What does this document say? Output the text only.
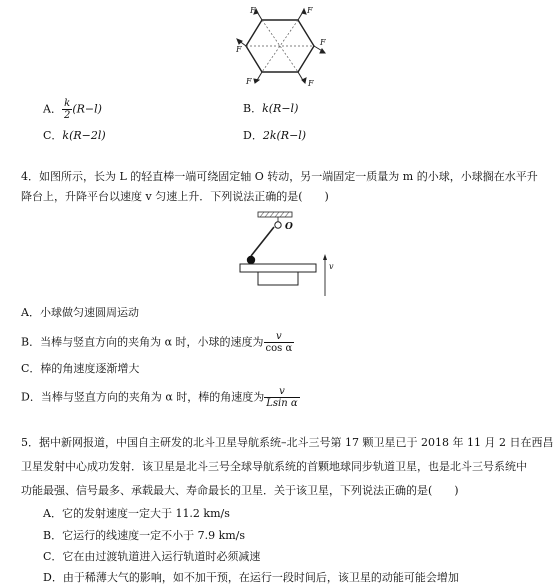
F	F
F
F
F	F
A． $\frac{k}{2} (R-l)$	B．k(R−l)
C．k(R−2l)	D．2k(R−l)
4．如图所示，长为 L 的轻直棒一端可绕固定轴 O 转动，另一端固定一质量为 m 的小球，小球搁在水平升
降台上，升降平台以速度 v 匀速上升．下列说法正确的是(　　)
O
v
A．小球做匀速圆周运动
B．当棒与竖直方向的夹角为 α 时，小球的速度为 $\frac{v}{\text{cos α}}$
C．棒的角速度逐渐增大
D．当棒与竖直方向的夹角为 α 时，棒的角速度为 $\frac{v}{\text{Lsin α}}$
5．据中新网报道，中国自主研发的北斗卫星导航系统–北斗三号第 17 颗卫星已于 2018 年 11 月 2 日在西昌
卫星发射中心成功发射．该卫星是北斗三号全球导航系统的首颗地球同步轨道卫星，也是北斗三号系统中
功能最强、信号最多、承载最大、寿命最长的卫星．关于该卫星，下列说法正确的是(　　)
A．它的发射速度一定大于 11.2 km/s
B．它运行的线速度一定不小于 7.9 km/s
C．它在由过渡轨道进入运行轨道时必须减速
D．由于稀薄大气的影响，如不加干预，在运行一段时间后，该卫星的动能可能会增加
